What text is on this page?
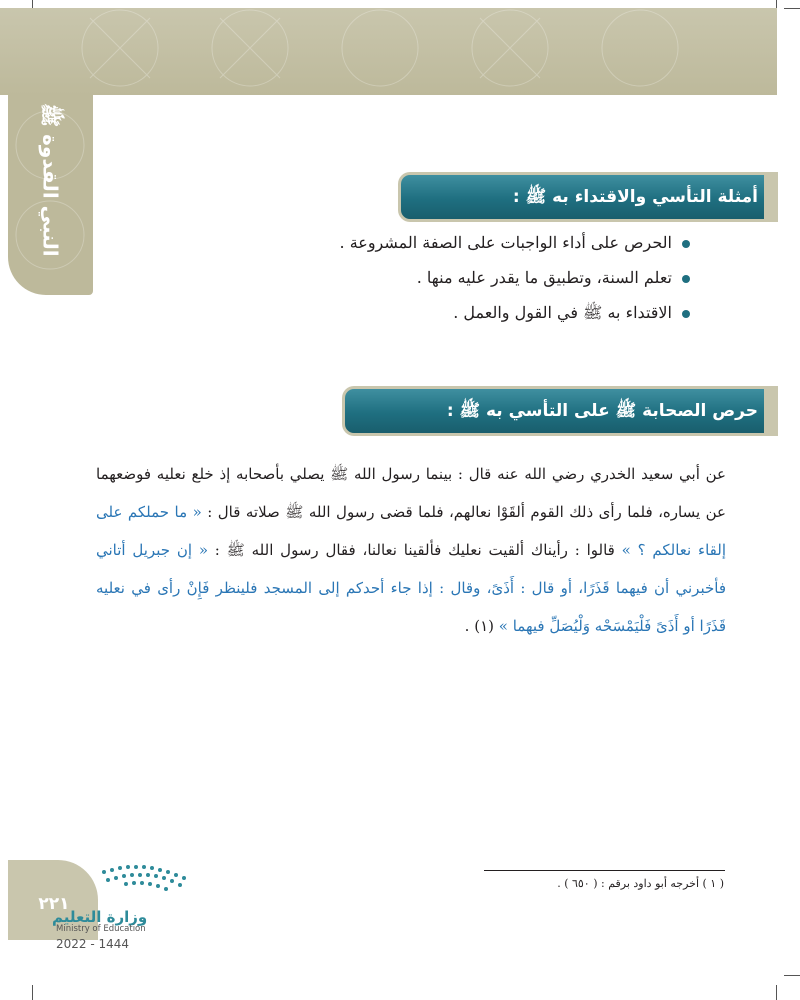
النبي القدوة ﷺ	أمثلة التأسي والاقتداء به ﷺ :
الحرص على أداء الواجبات على الصفة المشروعة .
تعلم السنة، وتطبيق ما يقدر عليه منها .
الاقتداء به ﷺ في القول والعمل .
حرص الصحابة ﷺ على التأسي به ﷺ :
عن أبي سعيد الخدري رضي الله عنه قال : بينما رسول الله ﷺ يصلي بأصحابه إذ خلع نعليه فوضعهما عن يساره، فلما رأى ذلك القوم ألقَوْا نعالهم، فلما قضى رسول الله ﷺ صلاته قال : « ما حملكم على إلقاء نعالكم ؟ » قالوا : رأيناك ألقيت نعليك فألقينا نعالنا، فقال رسول الله ﷺ : « إن جبريل أتاني فأخبرني أن فيهما قَذَرًا، أو قال : أَذَىً، وقال : إذا جاء أحدكم إلى المسجد فلينظر فَإِنْ رأى في نعليه قَذَرًا أو أَذَىً فَلْيَمْسَحْه وَلْيُصَلِّ فيهما » (١) .
( ١ ) أخرجه أبو داود برقم : ( ٦٥٠ ) .
٢٢١
وزارة التعليم
Ministry of Education
2022 - 1444
